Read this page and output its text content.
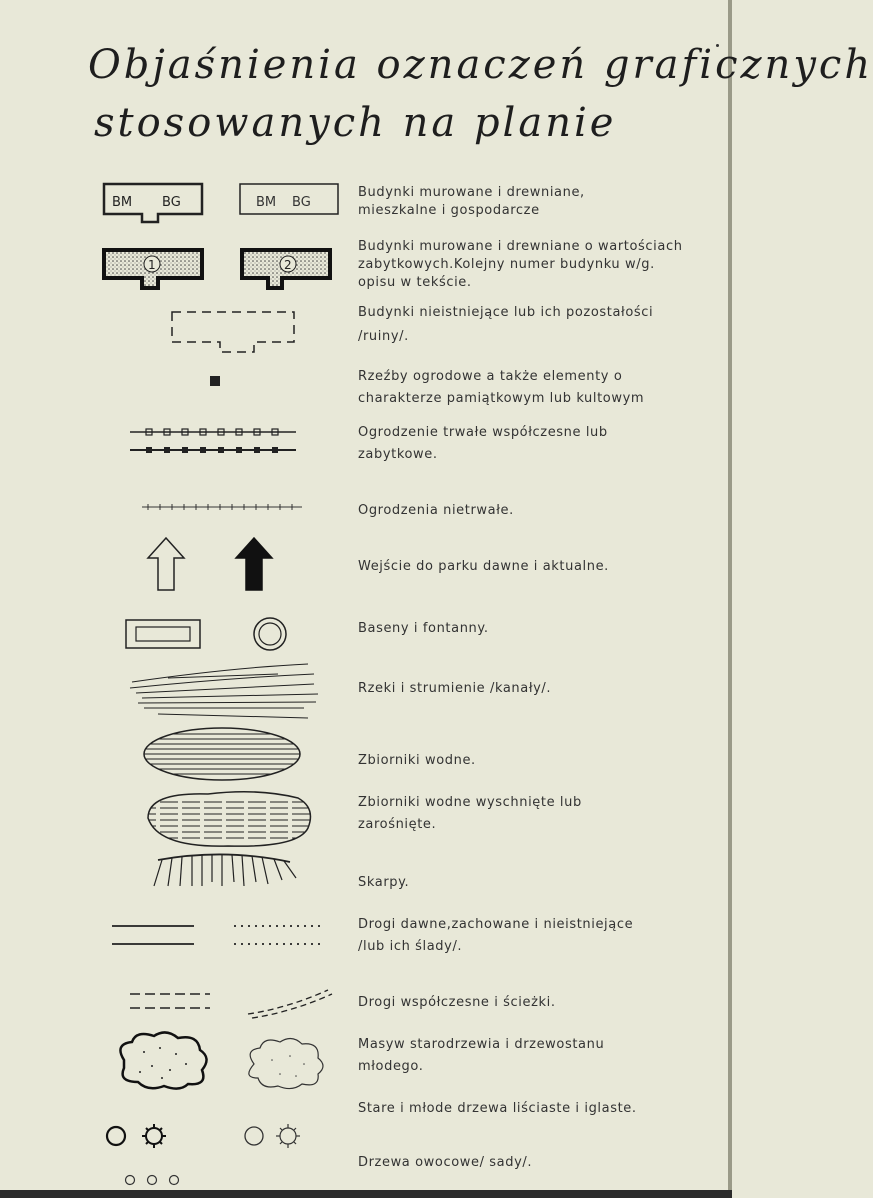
Objaśnienia oznaczeń graficznych
stosowanych na planie
BM BG	BM BG
Budynki murowane i drewniane,
mieszkalne i gospodarcze
1	2
Budynki murowane i drewniane o wartościach
zabytkowych.Kolejny numer budynku w/g.
opisu w tekście.
Budynki nieistniejące lub ich pozostałości
/ruiny/.
Rzeźby ogrodowe a także elementy o
charakterze pamiątkowym lub kultowym
Ogrodzenie trwałe współczesne lub
zabytkowe.
Ogrodzenia nietrwałe.
Wejście do parku dawne i aktualne.
Baseny i fontanny.
Rzeki i strumienie /kanały/.
Zbiorniki wodne.
Zbiorniki wodne wyschnięte lub
zarośnięte.
Skarpy.
Drogi dawne,zachowane i nieistniejące
/lub ich ślady/.
Drogi współczesne i ścieżki.
Masyw starodrzewia i drzewostanu
młodego.
Stare i młode drzewa liściaste i iglaste.
Drzewa owocowe/ sady/.
